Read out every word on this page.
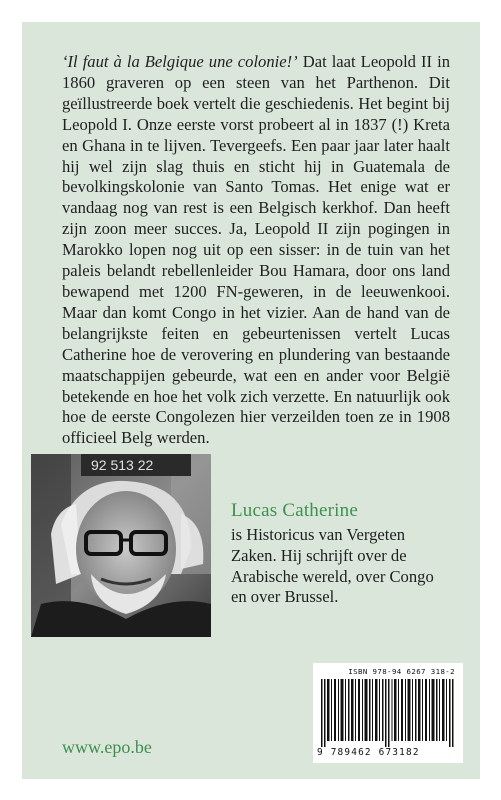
‘Il faut à la Belgique une colonie!’ Dat laat Leopold II in 1860 graveren op een steen van het Parthenon. Dit geïllustreerde boek vertelt die geschiedenis. Het begint bij Leopold I. Onze eerste vorst probeert al in 1837 (!) Kreta en Ghana in te lijven. Tevergeefs. Een paar jaar later haalt hij wel zijn slag thuis en sticht hij in Guatemala de bevolkingskolonie van Santo Tomas. Het enige wat er vandaag nog van rest is een Belgisch kerkhof. Dan heeft zijn zoon meer succes. Ja, Leopold II zijn pogingen in Marokko lopen nog uit op een sisser: in de tuin van het paleis belandt rebellenleider Bou Hamara, door ons land bewapend met 1200 FN-geweren, in de leeuwenkooi. Maar dan komt Congo in het vizier. Aan de hand van de belangrijkste feiten en gebeurtenissen vertelt Lucas Catherine hoe de verovering en plundering van bestaande maatschappijen gebeurde, wat een en ander voor België betekende en hoe het volk zich verzette. En natuurlijk ook hoe de eerste Congolezen hier verzeilden toen ze in 1908 officieel Belg werden.

92 513 22

Lucas Catherine

is Historicus van Vergeten Zaken. Hij schrijft over de Arabische wereld, over Congo en over Brussel.

www.epo.be

ISBN 978-94 6267 318-2
9 789462 673182
